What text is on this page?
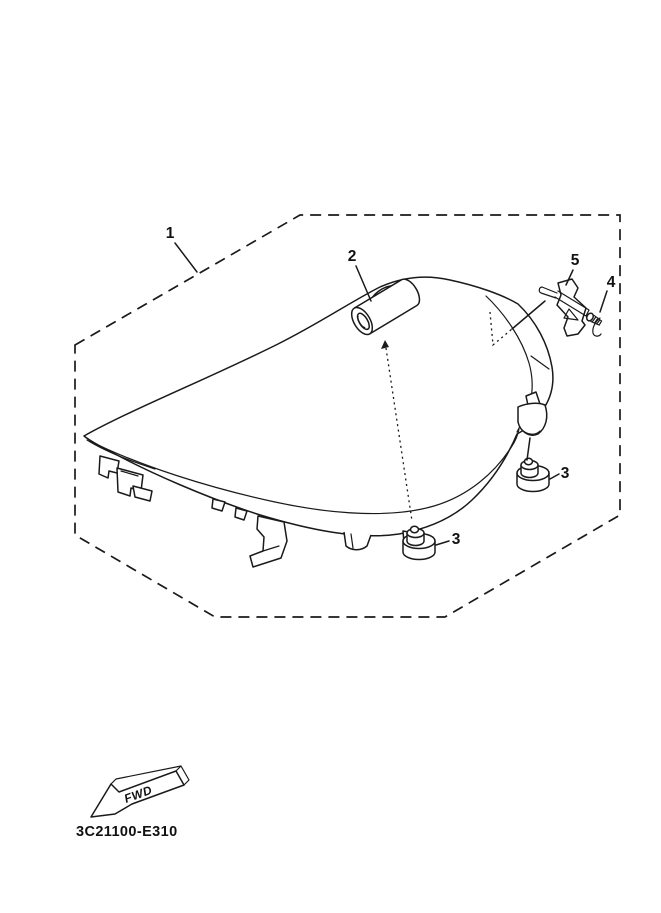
1
2
3
3
4
5
FWD
3C21100-E310
